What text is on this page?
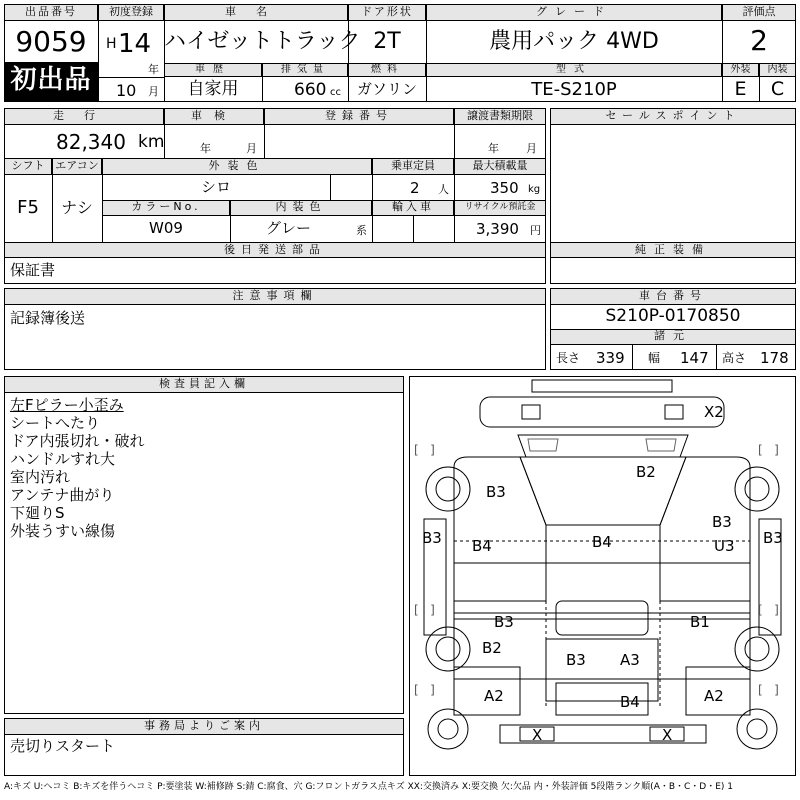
出品番号
9059
初出品
初度登録
H 14
年
10 月
車名
ハイゼットトラック
ドア形状
2T
グレード
農用パック 4WD
評価点
2
車歴
自家用
排気量
660 cc
燃料
ガソリン
型式
TE-S210P
外装	内装
E	C
走行
82,340 km
車検
年	月
登録番号	譲渡書類期限
年 月
シフト
F5
エアコン
ナシ
外装色
シロ
乗車定員
2 人
最大積載量
350 kg
カラーNo.
W09
内装色
グレー	系
輸入車	リサイクル預託金
3,390 円
後日発送部品
保証書
セールスポイント
純正装備
注意事項欄
記録簿後送
車台番号
S210P-0170850
諸元
長さ 339 幅 147 高さ 178
検査員記入欄
左Fピラー小歪み
シートへたり
ドア内張切れ・破れ
ハンドルすれ大
室内汚れ
アンテナ曲がり
下廻りS
外装うすい線傷
事務局よりご案内
売切りスタート
[   ]	[   ]
[   ]	[   ]
[   ]	[   ]
X2
B2
B3
B3
B3	B3
B4	B4	U3
B3	B1
B2
B3 A3
A2	B4	A2
X	X
A:キズ U:ヘコミ B:キズを伴うヘコミ P:要塗装 W:補修跡 S:錆 C:腐食、穴 G:フロントガラス点キズ XX:交換済み X:要交換 欠:欠品 内・外装評価 5段階ランク順(A・B・C・D・E) 1
